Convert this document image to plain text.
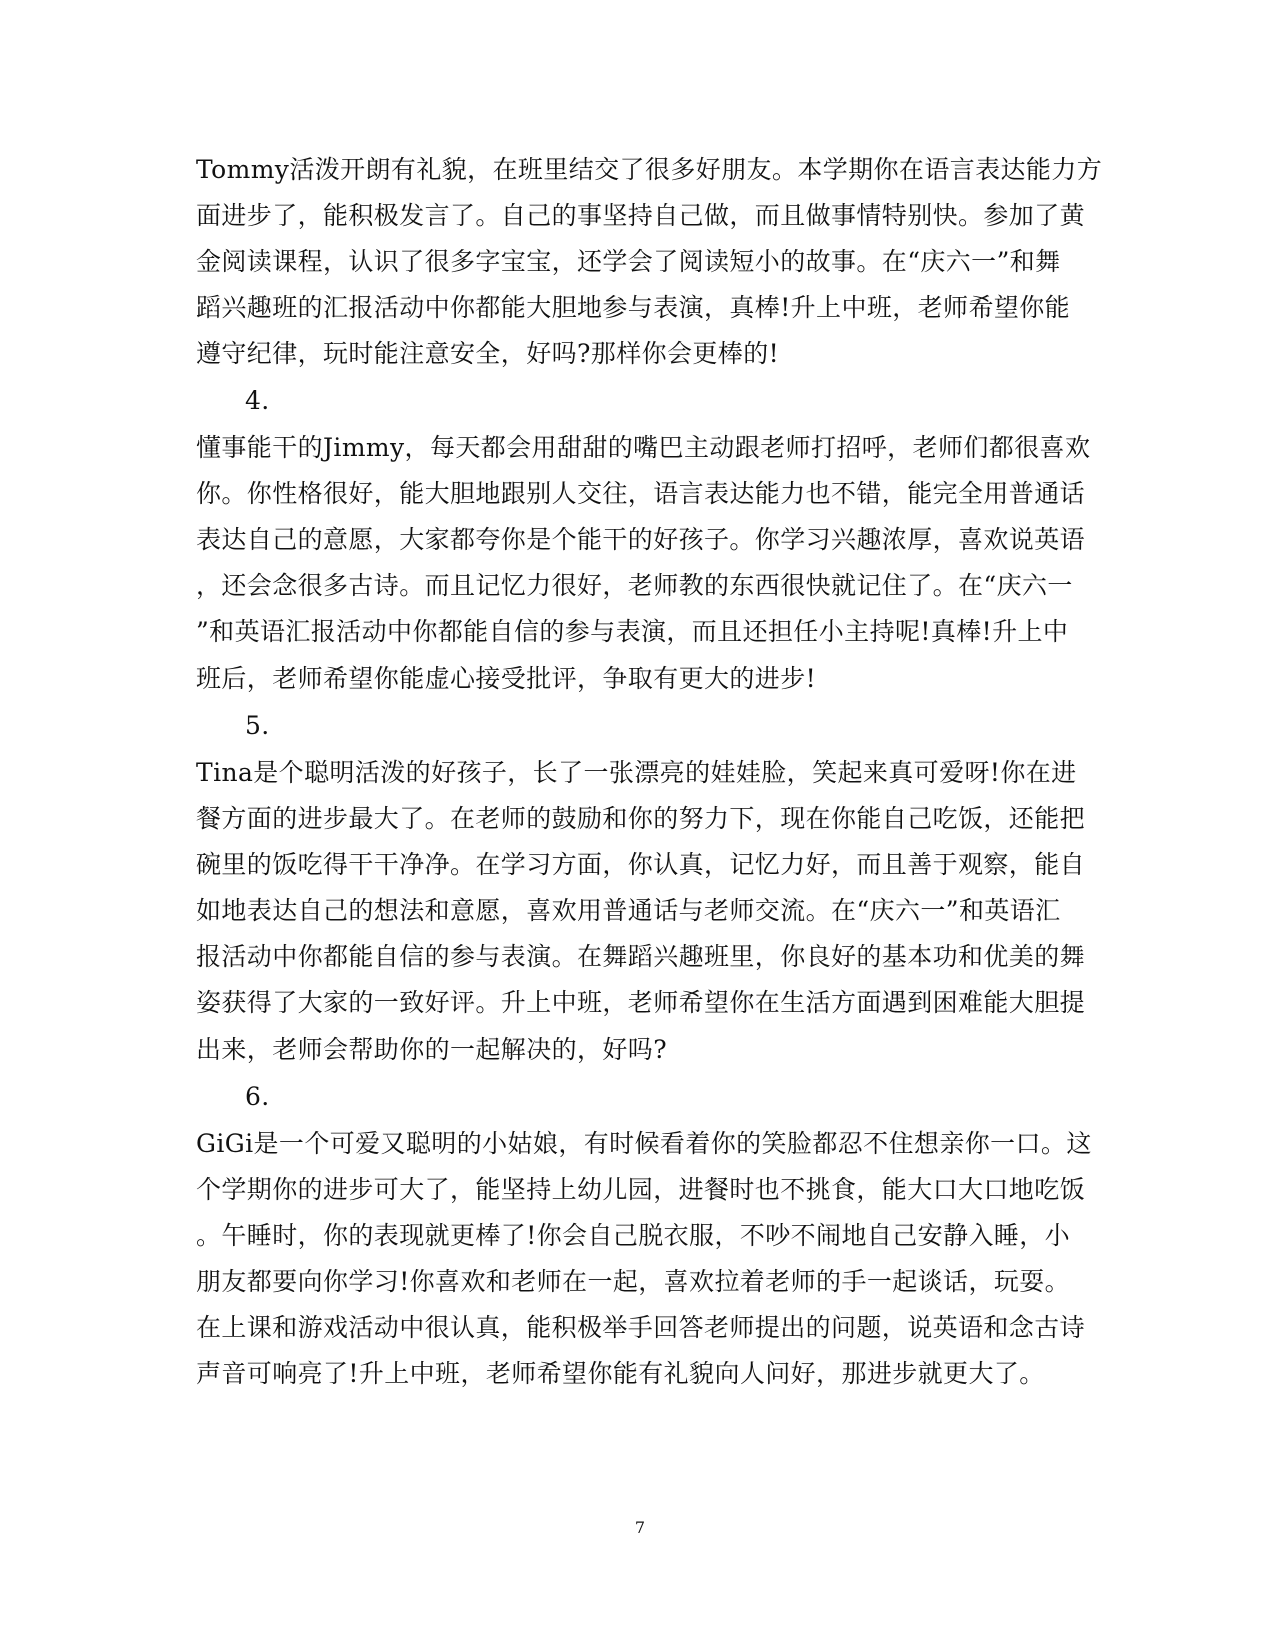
Tommy活泼开朗有礼貌，在班里结交了很多好朋友。本学期你在语言表达能力方
面进步了，能积极发言了。自己的事坚持自己做，而且做事情特别快。参加了黄
金阅读课程，认识了很多字宝宝，还学会了阅读短小的故事。在“庆六一”和舞
蹈兴趣班的汇报活动中你都能大胆地参与表演，真棒!升上中班，老师希望你能
遵守纪律，玩时能注意安全，好吗?那样你会更棒的!
4.
懂事能干的Jimmy，每天都会用甜甜的嘴巴主动跟老师打招呼，老师们都很喜欢
你。你性格很好，能大胆地跟别人交往，语言表达能力也不错，能完全用普通话
表达自己的意愿，大家都夸你是个能干的好孩子。你学习兴趣浓厚，喜欢说英语
，还会念很多古诗。而且记忆力很好，老师教的东西很快就记住了。在“庆六一
”和英语汇报活动中你都能自信的参与表演，而且还担任小主持呢!真棒!升上中
班后，老师希望你能虚心接受批评，争取有更大的进步!
5.
Tina是个聪明活泼的好孩子，长了一张漂亮的娃娃脸，笑起来真可爱呀!你在进
餐方面的进步最大了。在老师的鼓励和你的努力下，现在你能自己吃饭，还能把
碗里的饭吃得干干净净。在学习方面，你认真，记忆力好，而且善于观察，能自
如地表达自己的想法和意愿，喜欢用普通话与老师交流。在“庆六一”和英语汇
报活动中你都能自信的参与表演。在舞蹈兴趣班里，你良好的基本功和优美的舞
姿获得了大家的一致好评。升上中班，老师希望你在生活方面遇到困难能大胆提
出来，老师会帮助你的一起解决的，好吗?
6.
GiGi是一个可爱又聪明的小姑娘，有时候看着你的笑脸都忍不住想亲你一口。这
个学期你的进步可大了，能坚持上幼儿园，进餐时也不挑食，能大口大口地吃饭
。午睡时，你的表现就更棒了!你会自己脱衣服，不吵不闹地自己安静入睡，小
朋友都要向你学习!你喜欢和老师在一起，喜欢拉着老师的手一起谈话，玩耍。
在上课和游戏活动中很认真，能积极举手回答老师提出的问题，说英语和念古诗
声音可响亮了!升上中班，老师希望你能有礼貌向人问好，那进步就更大了。
7
